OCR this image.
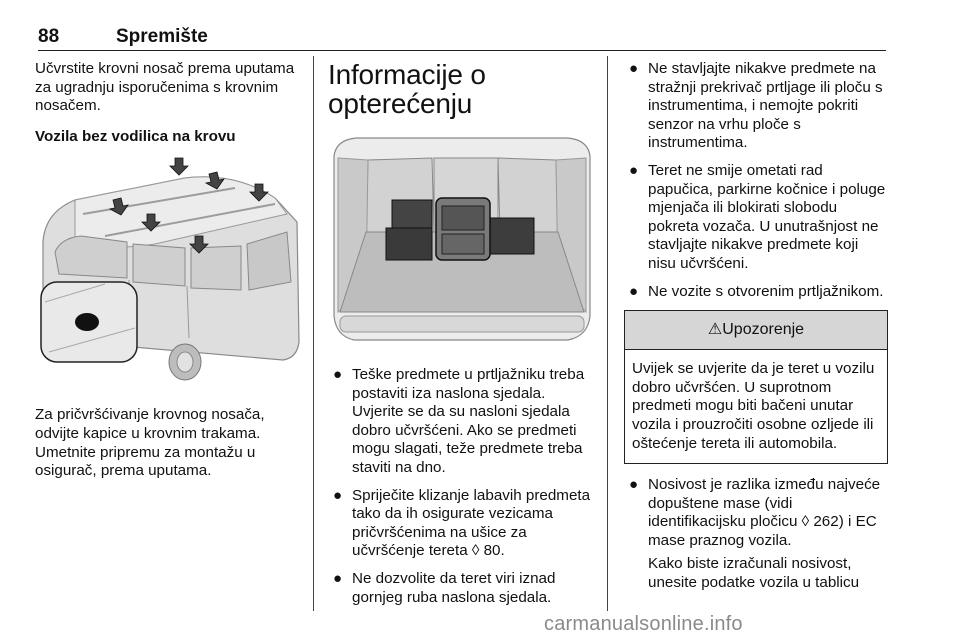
88	Spremište

Učvrstite krovni nosač prema uputama za ugradnju isporučenima s krovnim nosačem.

Vozila bez vodilica na krovu

Za pričvršćivanje krovnog nosača, odvijte kapice u krovnim trakama. Umetnite pripremu za montažu u osigurač, prema uputama.

Informacije o
opterećenju
● Teške predmete u prtljažniku treba postaviti iza naslona sjedala. Uvjerite se da su nasloni sjedala dobro učvršćeni. Ako se predmeti mogu slagati, teže predmete treba staviti na dno.
● Spriječite klizanje labavih predmeta tako da ih osigurate vezicama pričvršćenima na ušice za učvršćenje tereta ◊ 80.
● Ne dozvolite da teret viri iznad gornjeg ruba naslona sjedala.
● Ne stavljajte nikakve predmete na stražnji prekrivač prtljage ili ploču s instrumentima, i nemojte pokriti senzor na vrhu ploče s instrumentima.
● Teret ne smije ometati rad papučica, parkirne kočnice i poluge mjenjača ili blokirati slobodu pokreta vozača. U unutrašnjost ne stavljajte nikakve predmete koji nisu učvršćeni.
● Ne vozite s otvorenim prtljažnikom.
⚠Upozorenje
Uvijek se uvjerite da je teret u vozilu dobro učvršćen. U suprotnom predmeti mogu biti bačeni unutar vozila i prouzročiti osobne ozljede ili oštećenje tereta ili automobila.
● Nosivost je razlika između najveće dopuštene mase (vidi identifikacijsku pločicu ◊ 262) i EC mase praznog vozila.

Kako biste izračunali nosivost, unesite podatke vozila u tablicu

carmanualsonline.info
